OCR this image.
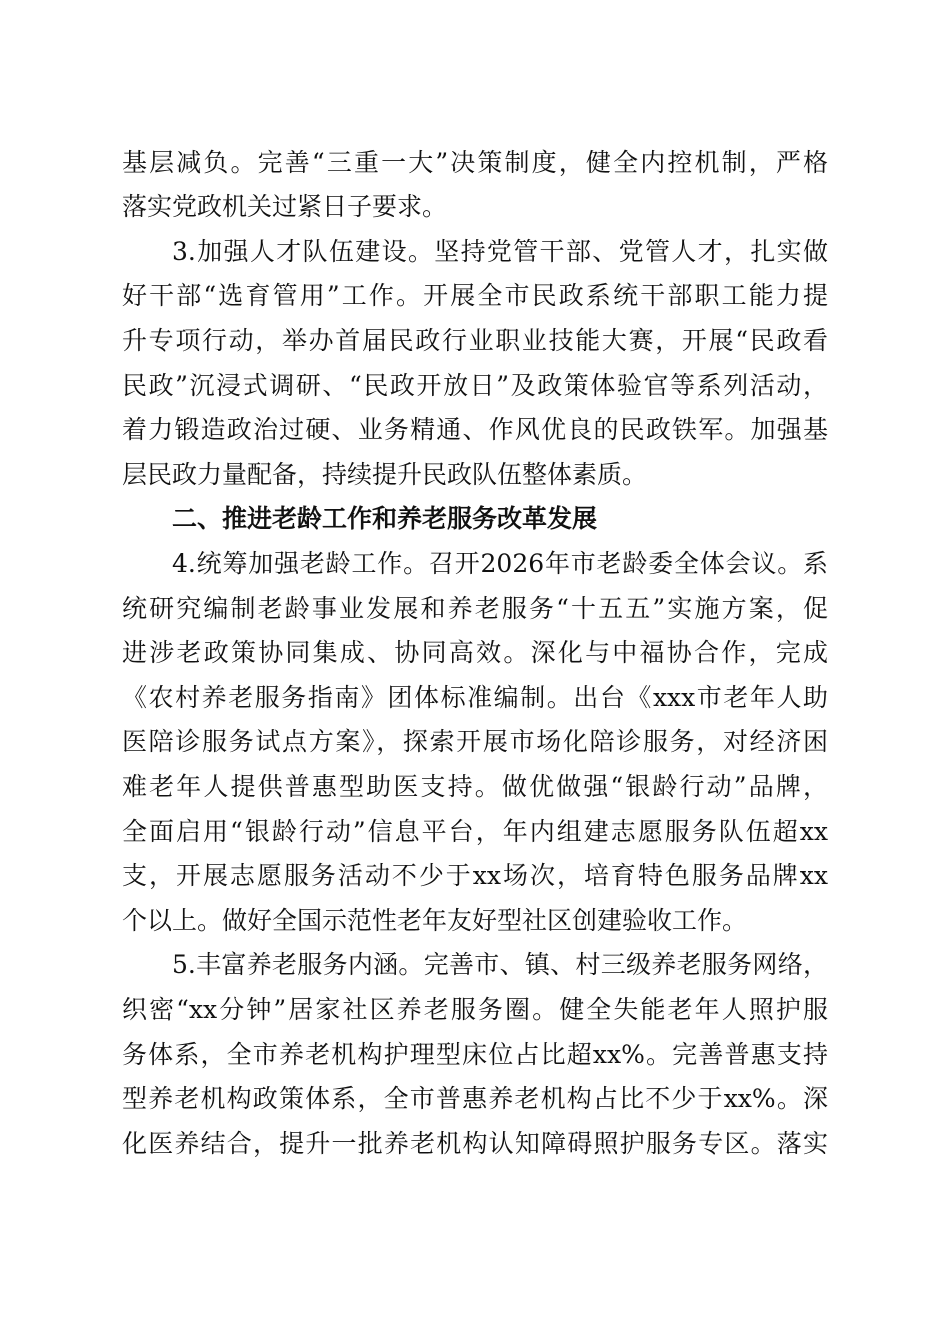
基层减负。完善“三重一大”决策制度，健全内控机制，严格
落实党政机关过紧日子要求。
3.加强人才队伍建设。坚持党管干部、党管人才，扎实做
好干部“选育管用”工作。开展全市民政系统干部职工能力提
升专项行动，举办首届民政行业职业技能大赛，开展“民政看
民政”沉浸式调研、“民政开放日”及政策体验官等系列活动，
着力锻造政治过硬、业务精通、作风优良的民政铁军。加强基
层民政力量配备，持续提升民政队伍整体素质。
二、推进老龄工作和养老服务改革发展
4.统筹加强老龄工作。召开2026年市老龄委全体会议。系
统研究编制老龄事业发展和养老服务“十五五”实施方案，促
进涉老政策协同集成、协同高效。深化与中福协合作，完成
《农村养老服务指南》团体标准编制。出台《xxx市老年人助
医陪诊服务试点方案》，探索开展市场化陪诊服务，对经济困
难老年人提供普惠型助医支持。做优做强“银龄行动”品牌，
全面启用“银龄行动”信息平台，年内组建志愿服务队伍超xx
支，开展志愿服务活动不少于xx场次，培育特色服务品牌xx
个以上。做好全国示范性老年友好型社区创建验收工作。
5.丰富养老服务内涵。完善市、镇、村三级养老服务网络，
织密“xx分钟”居家社区养老服务圈。健全失能老年人照护服
务体系，全市养老机构护理型床位占比超xx%。完善普惠支持
型养老机构政策体系，全市普惠养老机构占比不少于xx%。深
化医养结合，提升一批养老机构认知障碍照护服务专区。落实
